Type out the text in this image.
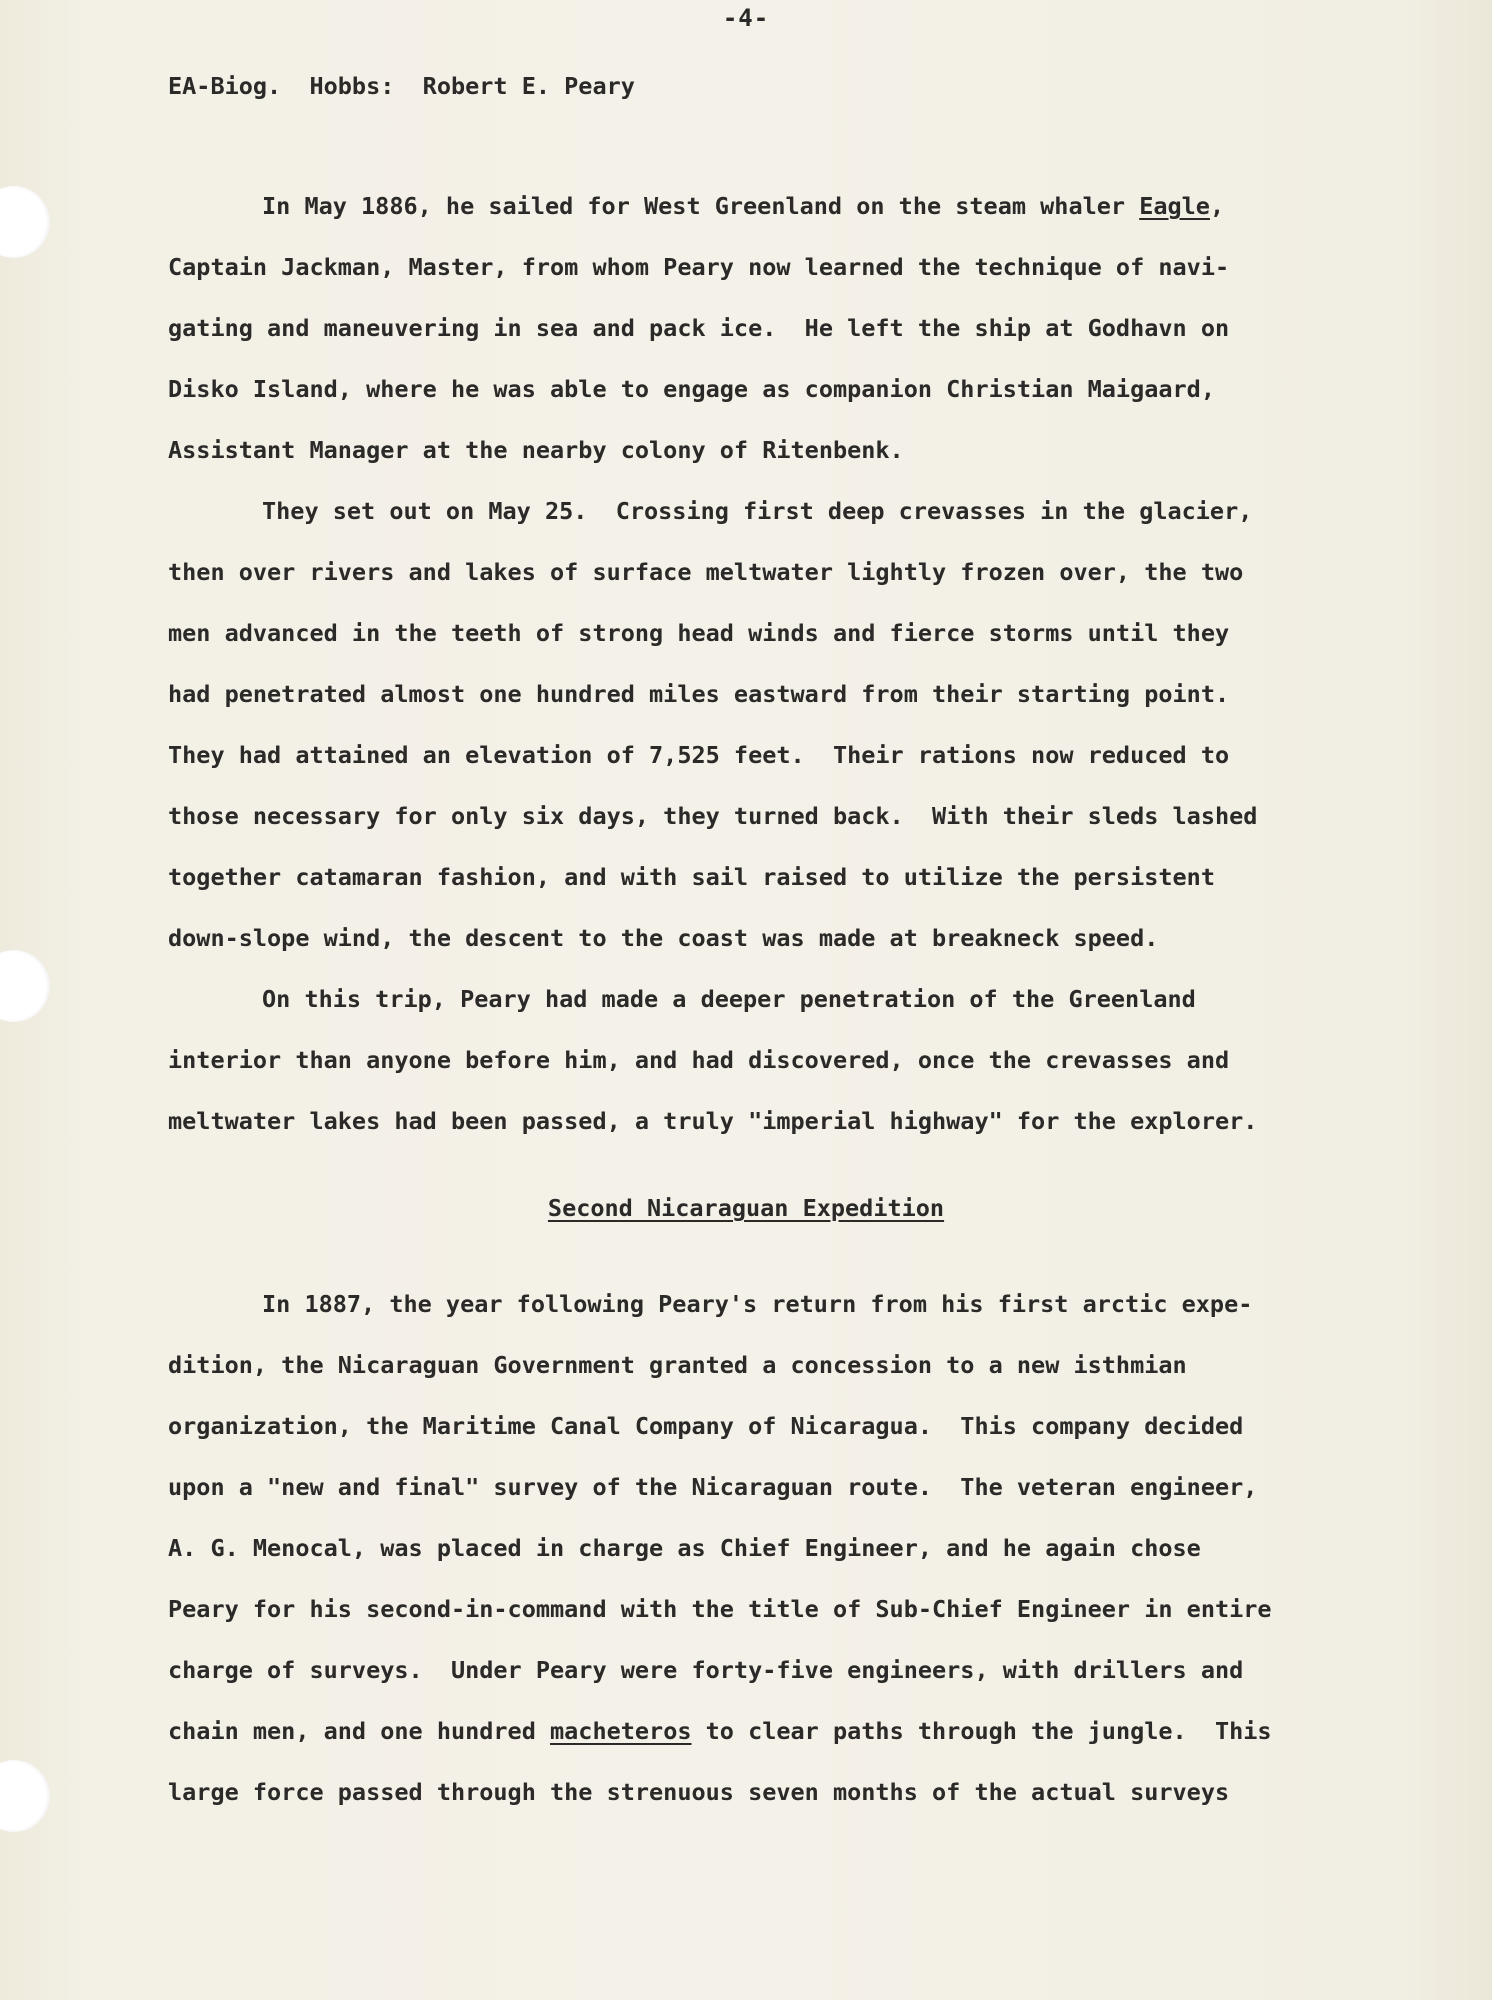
-4-
EA-Biog.  Hobbs:  Robert E. Peary
In May 1886, he sailed for West Greenland on the steam whaler Eagle,
Captain Jackman, Master, from whom Peary now learned the technique of navi-
gating and maneuvering in sea and pack ice.  He left the ship at Godhavn on
Disko Island, where he was able to engage as companion Christian Maigaard,
Assistant Manager at the nearby colony of Ritenbenk.
They set out on May 25.  Crossing first deep crevasses in the glacier,
then over rivers and lakes of surface meltwater lightly frozen over, the two
men advanced in the teeth of strong head winds and fierce storms until they
had penetrated almost one hundred miles eastward from their starting point.
They had attained an elevation of 7,525 feet.  Their rations now reduced to
those necessary for only six days, they turned back.  With their sleds lashed
together catamaran fashion, and with sail raised to utilize the persistent
down-slope wind, the descent to the coast was made at breakneck speed.
On this trip, Peary had made a deeper penetration of the Greenland
interior than anyone before him, and had discovered, once the crevasses and
meltwater lakes had been passed, a truly "imperial highway" for the explorer.
Second Nicaraguan Expedition
In 1887, the year following Peary's return from his first arctic expe-
dition, the Nicaraguan Government granted a concession to a new isthmian
organization, the Maritime Canal Company of Nicaragua.  This company decided
upon a "new and final" survey of the Nicaraguan route.  The veteran engineer,
A. G. Menocal, was placed in charge as Chief Engineer, and he again chose
Peary for his second-in-command with the title of Sub-Chief Engineer in entire
charge of surveys.  Under Peary were forty-five engineers, with drillers and
chain men, and one hundred macheteros to clear paths through the jungle.  This
large force passed through the strenuous seven months of the actual surveys
